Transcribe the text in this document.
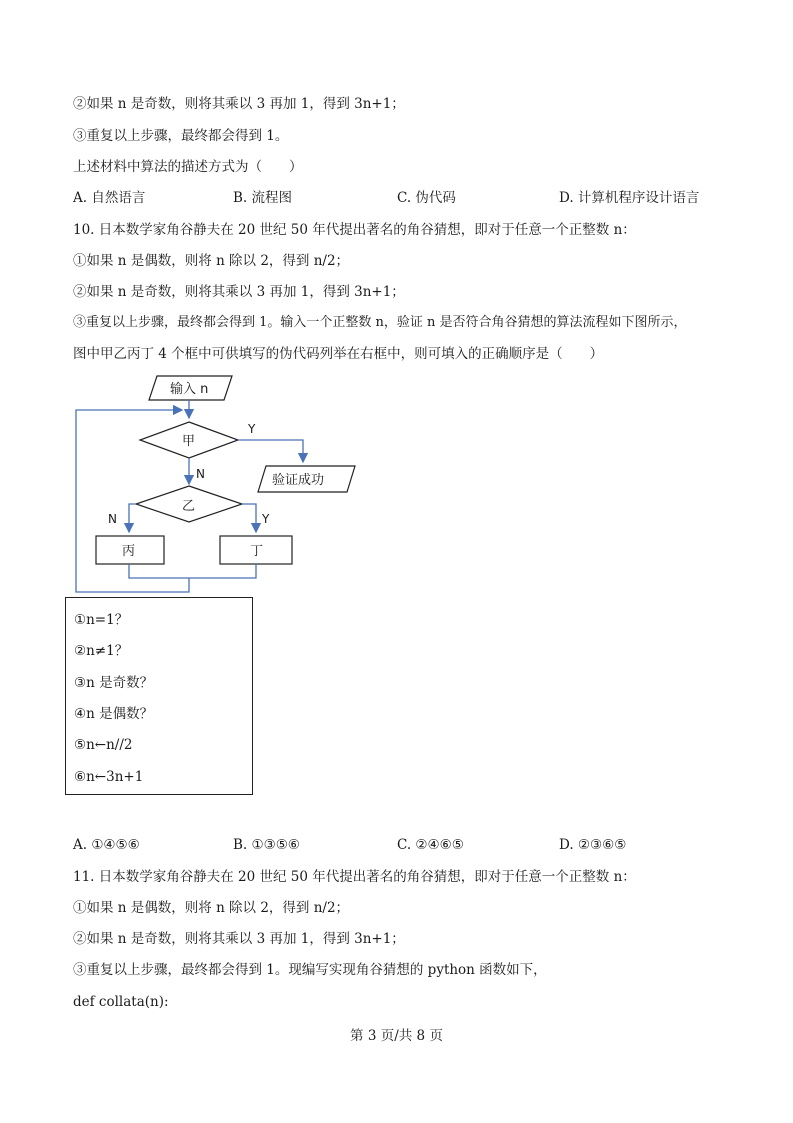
②如果 n 是奇数，则将其乘以 3 再加 1，得到 3n+1；
③重复以上步骤，最终都会得到 1。
上述材料中算法的描述方式为（　　）
A. 自然语言	B. 流程图	C. 伪代码	D. 计算机程序设计语言
10. 日本数学家角谷静夫在 20 世纪 50 年代提出著名的角谷猜想，即对于任意一个正整数 n：
①如果 n 是偶数，则将 n 除以 2，得到 n/2；
②如果 n 是奇数，则将其乘以 3 再加 1，得到 3n+1；
③重复以上步骤，最终都会得到 1。输入一个正整数 n，验证 n 是否符合角谷猜想的算法流程如下图所示，
图中甲乙丙丁 4 个框中可供填写的伪代码列举在右框中，则可填入的正确顺序是（　　）
输入 n
甲
Y
验证成功
N
乙
N	Y
丙	丁
①n=1？
②n≠1？
③n 是奇数？
④n 是偶数？
⑤n←n//2
⑥n←3n+1
A. ①④⑤⑥	B. ①③⑤⑥	C. ②④⑥⑤	D. ②③⑥⑤
11. 日本数学家角谷静夫在 20 世纪 50 年代提出著名的角谷猜想，即对于任意一个正整数 n：
①如果 n 是偶数，则将 n 除以 2，得到 n/2；
②如果 n 是奇数，则将其乘以 3 再加 1，得到 3n+1；
③重复以上步骤，最终都会得到 1。现编写实现角谷猜想的 python 函数如下，
def collata(n):
第 3 页/共 8 页
